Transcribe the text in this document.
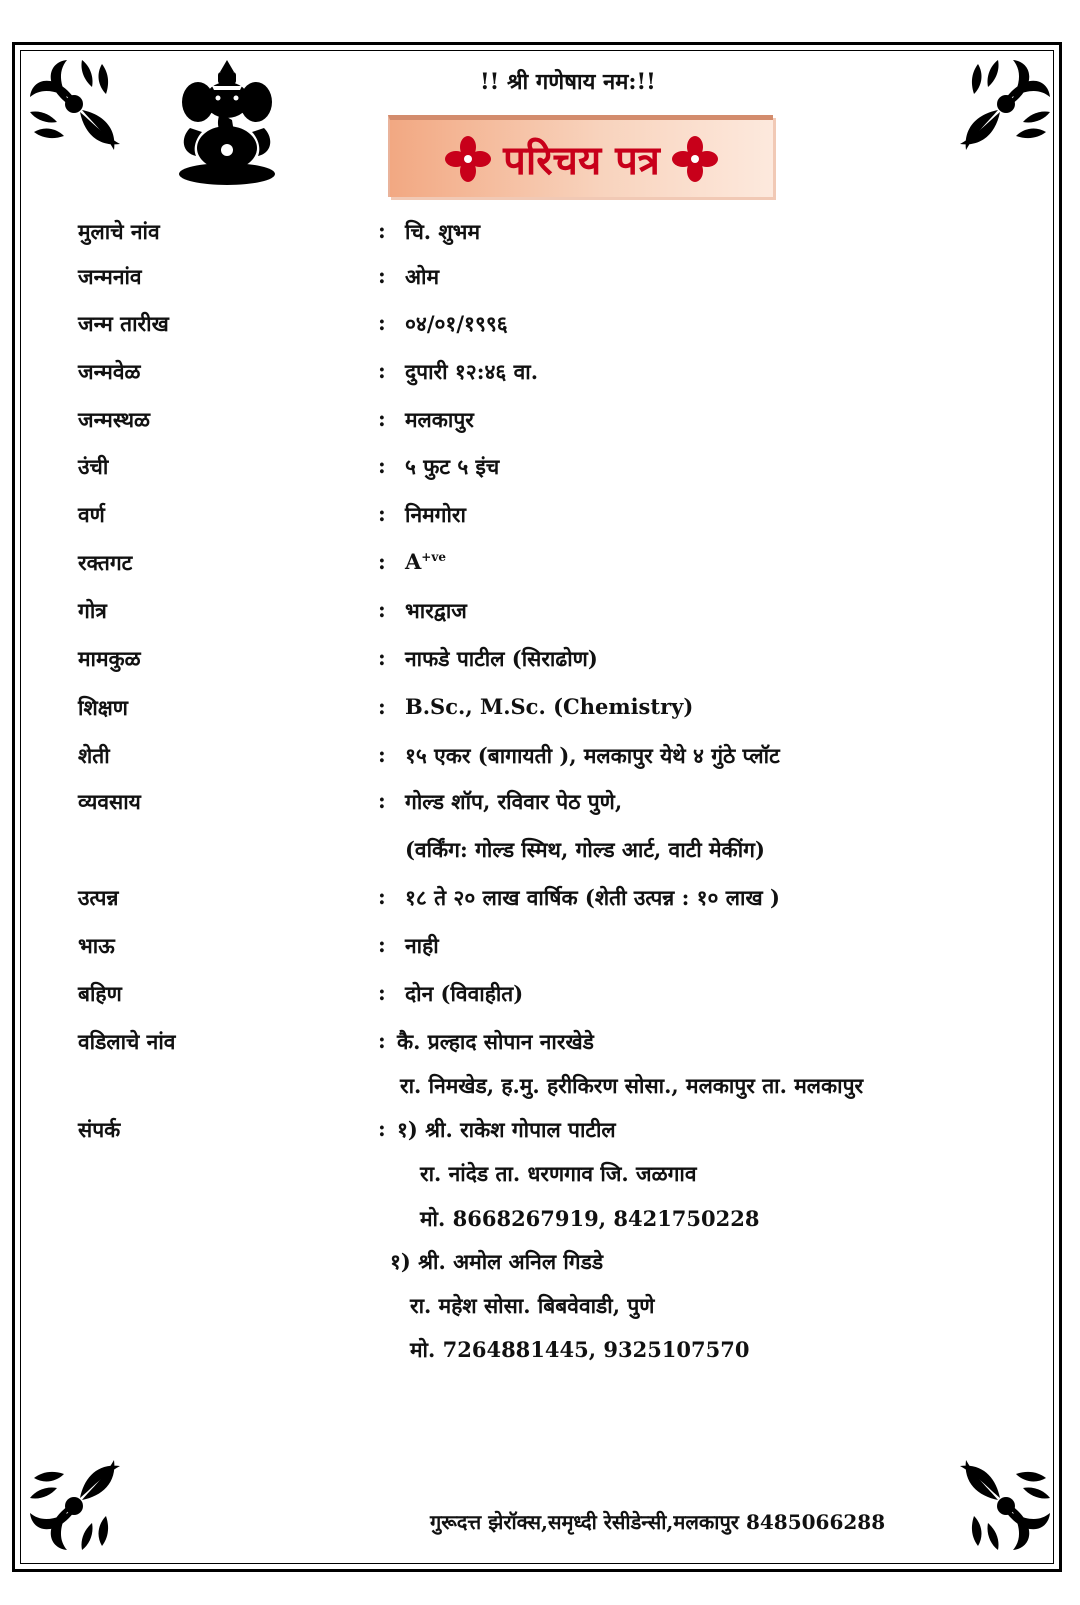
!! श्री गणेषाय नम:!!
परिचय पत्र
मुलाचे नांव	: चि. शुभम
जन्मनांव	: ओम
जन्म तारीख	: ०४/०१/१९९६
जन्मवेळ	: दुपारी १२:४६ वा.
जन्मस्थळ	: मलकापुर
उंची	: ५ फुट ५ इंच
वर्ण	: निमगोरा
रक्तगट	: $A^{+ve}$
गोत्र	: भारद्वाज
मामकुळ	: नाफडे पाटील (सिराढोण)
शिक्षण	: B.Sc., M.Sc. (Chemistry)
शेती	: १५ एकर (बागायती ), मलकापुर येथे ४ गुंठे प्लॉट
व्यवसाय	: गोल्ड शॉप, रविवार पेठ पुणे,
(वर्किंग: गोल्ड स्मिथ, गोल्ड आर्ट, वाटी मेकींग)
उत्पन्न	: १८ ते २० लाख वार्षिक (शेती उत्पन्न : १० लाख )
भाऊ	: नाही
बहिण	: दोन (विवाहीत)
वडिलाचे नांव	: कै. प्रल्हाद सोपान नारखेडे
रा. निमखेड, ह.मु. हरीकिरण सोसा., मलकापुर ता. मलकापुर
संपर्क	: १) श्री. राकेश गोपाल पाटील
रा. नांदेड ता. धरणगाव जि. जळगाव
मो. 8668267919, 8421750228
१) श्री. अमोल अनिल गिडडे
रा. महेश सोसा. बिबवेवाडी, पुणे
मो. 7264881445, 9325107570
गुरूदत्त झेरॉक्स,समृध्दी रेसीडेन्सी,मलकापुर 8485066288
